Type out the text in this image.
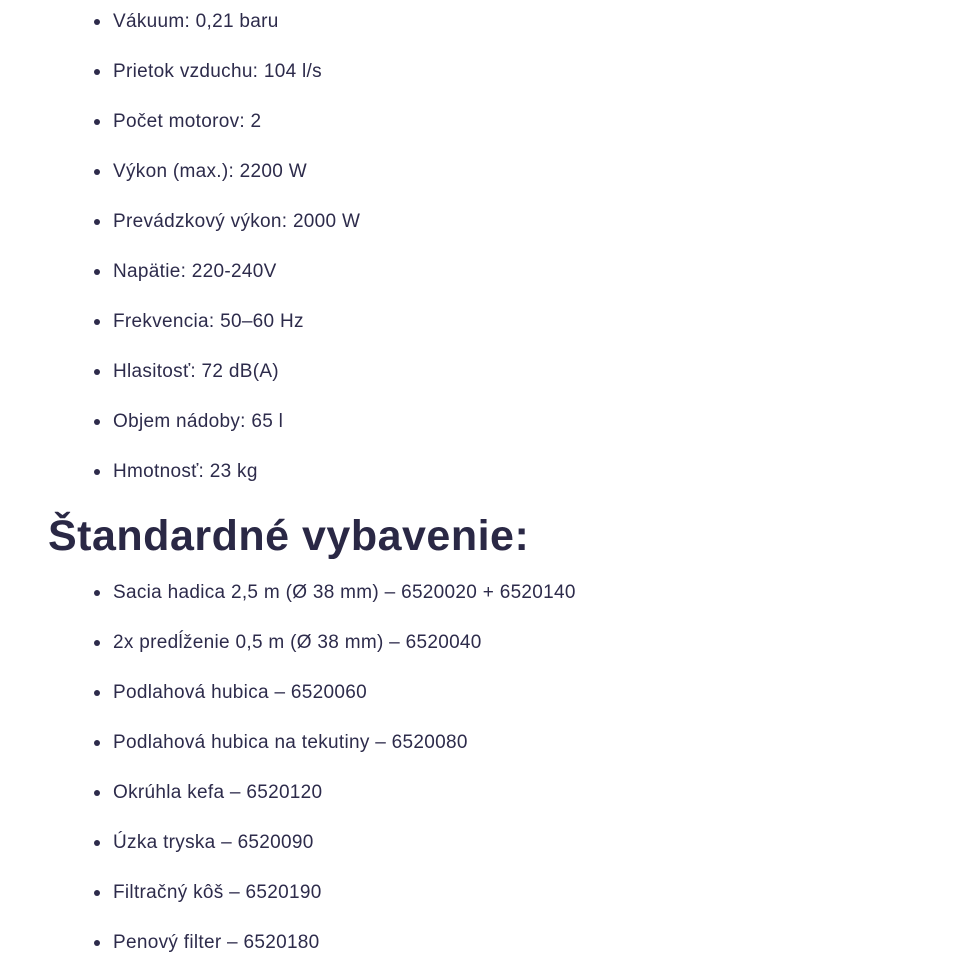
Vákuum: 0,21 baru
Prietok vzduchu: 104 l/s
Počet motorov: 2
Výkon (max.): 2200 W
Prevádzkový výkon: 2000 W
Napätie: 220-240V
Frekvencia: 50–60 Hz
Hlasitosť: 72 dB(A)
Objem nádoby: 65 l
Hmotnosť: 23 kg
Štandardné vybavenie:
Sacia hadica 2,5 m (Ø 38 mm) – 6520020 + 6520140
2x predĺženie 0,5 m (Ø 38 mm) – 6520040
Podlahová hubica – 6520060
Podlahová hubica na tekutiny – 6520080
Okrúhla kefa – 6520120
Úzka tryska – 6520090
Filtračný kôš – 6520190
Penový filter – 6520180
